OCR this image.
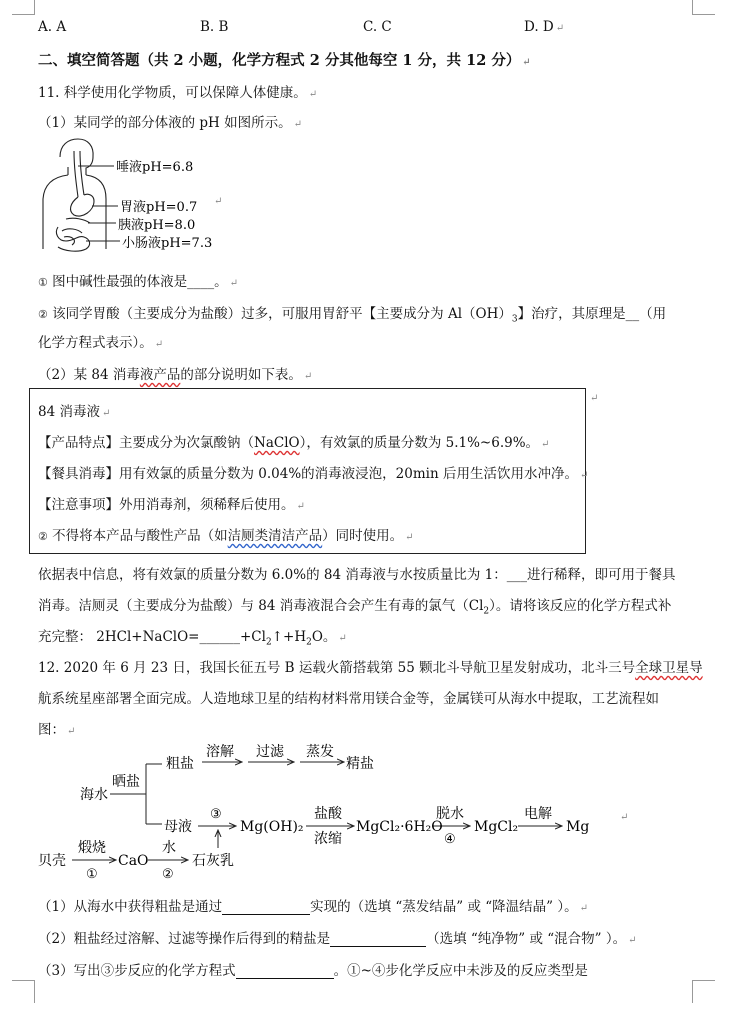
A. A	B. B	C. C	D. D ↵
二、填空简答题（共 2 小题，化学方程式 2 分其他每空 1 分，共 12 分） ↵
11. 科学使用化学物质，可以保障人体健康。 ↵
（1）某同学的部分体液的 pH 如图所示。 ↵
唾液pH=6.8
胃液pH=0.7
胰液pH=8.0
小肠液pH=7.3
↵
① 图中碱性最强的体液是____。 ↵
② 该同学胃酸（主要成分为盐酸）过多，可服用胃舒平【主要成分为 $Al(OH)_3$】治疗，其原理是__（用
化学方程式表示）。 ↵
（2）某 84 消毒液产品的部分说明如下表。 ↵
↵
84 消毒液 ↵
【产品特点】主要成分为次氯酸钠（NaClO），有效氯的质量分数为 5.1%~6.9%。 ↵
【餐具消毒】用有效氯的质量分数为 0.04%的消毒液浸泡，20min 后用生活饮用水冲净。 ↵
【注意事项】外用消毒剂，须稀释后使用。 ↵
② 不得将本产品与酸性产品（如洁厕类清洁产品）同时使用。 ↵
依据表中信息，将有效氯的质量分数为 6.0%的 84 消毒液与水按质量比为 1：___进行稀释，即可用于餐具
消毒。洁厕灵（主要成分为盐酸）与 84 消毒液混合会产生有毒的氯气$(Cl_2)$。请将该反应的化学方程式补
充完整： $2HCl+NaClO=\_\_\_\_\_\_+Cl_2↑+H_2O$。 ↵
12. 2020 年 6 月 23 日，我国长征五号 B 运载火箭搭载第 55 颗北斗导航卫星发射成功，北斗三号全球卫星导
航系统星座部署全面完成。人造地球卫星的结构材料常用镁合金等，金属镁可从海水中提取，工艺流程如
图： ↵
海水
晒盐
粗盐
溶解 过滤 蒸发
精盐
母液
③
Mg(OH)₂
盐酸
浓缩
MgCl₂·6H₂O
脱水
④
MgCl₂
电解
Mg
贝壳
煅烧
①
CaO
水
②
石灰乳
↵
（1）从海水中获得粗盐是通过	实现的（选填 “蒸发结晶” 或 “降温结晶” ）。 ↵
（2）粗盐经过溶解、过滤等操作后得到的精盐是	（选填 “纯净物” 或 “混合物” ）。 ↵
（3）写出③步反应的化学方程式	。①~④步化学反应中未涉及的反应类型是
